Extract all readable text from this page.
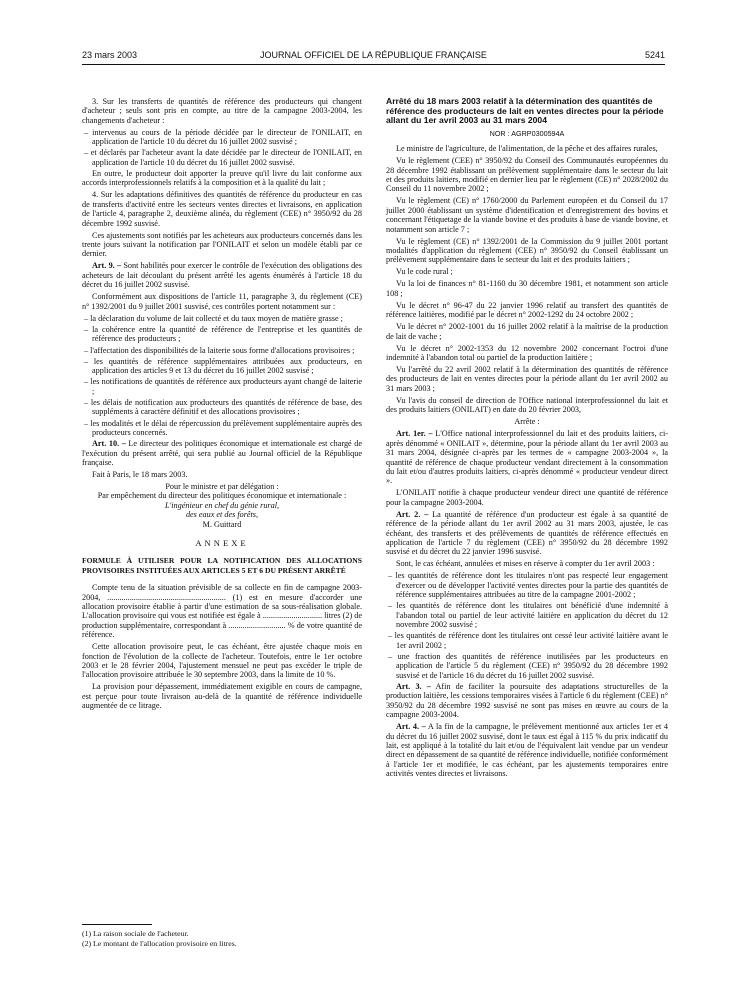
23 mars 2003	JOURNAL OFFICIEL DE LA RÉPUBLIQUE FRANÇAISE	5241

3. Sur les transferts de quantités de référence des producteurs qui changent d'acheteur ; seuls sont pris en compte, au titre de la campagne 2003-2004, les changements d'acheteur :

– intervenus au cours de la période décidée par le directeur de l'ONILAIT, en application de l'article 10 du décret du 16 juillet 2002 susvisé ;
– et déclarés par l'acheteur avant la date décidée par le directeur de l'ONILAIT, en application de l'article 10 du décret du 16 juillet 2002 susvisé.

En outre, le producteur doit apporter la preuve qu'il livre du lait conforme aux accords interprofessionnels relatifs à la composition et à la qualité du lait ;

4. Sur les adaptations définitives des quantités de référence du producteur en cas de transferts d'activité entre les secteurs ventes directes et livraisons, en application de l'article 4, paragraphe 2, deuxième alinéa, du règlement (CEE) n° 3950/92 du 28 décembre 1992 susvisé.

Ces ajustements sont notifiés par les acheteurs aux producteurs concernés dans les trente jours suivant la notification par l'ONILAIT et selon un modèle établi par ce dernier.

Art. 9. – Sont habilités pour exercer le contrôle de l'exécution des obligations des acheteurs de lait découlant du présent arrêté les agents énumérés à l'article 18 du décret du 16 juillet 2002 susvisé.

Conformément aux dispositions de l'article 11, paragraphe 3, du règlement (CE) n° 1392/2001 du 9 juillet 2001 susvisé, ces contrôles portent notamment sur :

– la déclaration du volume de lait collecté et du taux moyen de matière grasse ;
– la cohérence entre la quantité de référence de l'entreprise et les quantités de référence des producteurs ;
– l'affectation des disponibilités de la laiterie sous forme d'allocations provisoires ;
– les quantités de référence supplémentaires attribuées aux producteurs, en application des articles 9 et 13 du décret du 16 juillet 2002 susvisé ;
– les notifications de quantités de référence aux producteurs ayant changé de laiterie ;
– les délais de notification aux producteurs des quantités de référence de base, des suppléments à caractère définitif et des allocations provisoires ;
– les modalités et le délai de répercussion du prélèvement supplémentaire auprès des producteurs concernés.

Art. 10. – Le directeur des politiques économique et internationale est chargé de l'exécution du présent arrêté, qui sera publié au Journal officiel de la République française.

Fait à Paris, le 18 mars 2003.

Pour le ministre et par délégation :
Par empêchement du directeur des politiques économique et internationale :
L'ingénieur en chef du génie rural,
des eaux et des forêts,
M. Guittard
ANNEXE

FORMULE À UTILISER POUR LA NOTIFICATION DES ALLOCATIONS PROVISOIRES INSTITUÉES AUX ARTICLES 5 ET 6 DU PRÉSENT ARRÊTÉ

Compte tenu de la situation prévisible de sa collecte en fin de campagne 2003-2004, .......................................................... (1) est en mesure d'accorder une allocation provisoire établie à partir d'une estimation de sa sous-réalisation globale. L'allocation provisoire qui vous est notifiée est égale à ............................. litres (2) de production supplémentaire, correspondant à ............................ % de votre quantité de référence.

Cette allocation provisoire peut, le cas échéant, être ajustée chaque mois en fonction de l'évolution de la collecte de l'acheteur. Toutefois, entre le 1er octobre 2003 et le 28 février 2004, l'ajustement mensuel ne peut pas excéder le triple de l'allocation provisoire attribuée le 30 septembre 2003, dans la limite de 10 %.

La provision pour dépassement, immédiatement exigible en cours de campagne, est perçue pour toute livraison au-delà de la quantité de référence individuelle augmentée de ce litrage.

(1) La raison sociale de l'acheteur.
(2) Le montant de l'allocation provisoire en litres.
Arrêté du 18 mars 2003 relatif à la détermination des quantités de référence des producteurs de lait en ventes directes pour la période allant du 1er avril 2003 au 31 mars 2004
NOR : AGRP0300594A

Le ministre de l'agriculture, de l'alimentation, de la pêche et des affaires rurales,

Vu le règlement (CEE) n° 3950/92 du Conseil des Communautés européennes du 28 décembre 1992 établissant un prélèvement supplémentaire dans le secteur du lait et des produits laitiers, modifié en dernier lieu par le règlement (CE) n° 2028/2002 du Conseil du 11 novembre 2002 ;

Vu le règlement (CE) n° 1760/2000 du Parlement européen et du Conseil du 17 juillet 2000 établissant un système d'identification et d'enregistrement des bovins et concernant l'étiquetage de la viande bovine et des produits à base de viande bovine, et notamment son article 7 ;

Vu le règlement (CE) n° 1392/2001 de la Commission du 9 juillet 2001 portant modalités d'application du règlement (CEE) n° 3950/92 du Conseil établissant un prélèvement supplémentaire dans le secteur du lait et des produits laitiers ;

Vu le code rural ;

Vu la loi de finances n° 81-1160 du 30 décembre 1981, et notamment son article 108 ;

Vu le décret n° 96-47 du 22 janvier 1996 relatif au transfert des quantités de référence laitières, modifié par le décret n° 2002-1292 du 24 octobre 2002 ;

Vu le décret n° 2002-1001 du 16 juillet 2002 relatif à la maîtrise de la production de lait de vache ;

Vu le décret n° 2002-1353 du 12 novembre 2002 concernant l'octroi d'une indemnité à l'abandon total ou partiel de la production laitière ;

Vu l'arrêté du 22 avril 2002 relatif à la détermination des quantités de référence des producteurs de lait en ventes directes pour la période allant du 1er avril 2002 au 31 mars 2003 ;

Vu l'avis du conseil de direction de l'Office national interprofessionnel du lait et des produits laitiers (ONILAIT) en date du 20 février 2003,

Arrête :

Art. 1er. – L'Office national interprofessionnel du lait et des produits laitiers, ci-après dénommé « ONILAIT », détermine, pour la période allant du 1er avril 2003 au 31 mars 2004, désignée ci-après par les termes de « campagne 2003-2004 », la quantité de référence de chaque producteur vendant directement à la consommation du lait et/ou d'autres produits laitiers, ci-après dénommé « producteur vendeur direct ».

L'ONILAIT notifie à chaque producteur vendeur direct une quantité de référence pour la campagne 2003-2004.

Art. 2. – La quantité de référence d'un producteur est égale à sa quantité de référence de la période allant du 1er avril 2002 au 31 mars 2003, ajustée, le cas échéant, des transferts et des prélèvements de quantités de référence effectués en application de l'article 7 du règlement (CEE) n° 3950/92 du 28 décembre 1992 susvisé et du décret du 22 janvier 1996 susvisé.

Sont, le cas échéant, annulées et mises en réserve à compter du 1er avril 2003 :

– les quantités de référence dont les titulaires n'ont pas respecté leur engagement d'exercer ou de développer l'activité ventes directes pour la partie des quantités de référence supplémentaires attribuées au titre de la campagne 2001-2002 ;
– les quantités de référence dont les titulaires ont bénéficié d'une indemnité à l'abandon total ou partiel de leur activité laitière en application du décret du 12 novembre 2002 susvisé ;
– les quantités de référence dont les titulaires ont cessé leur activité laitière avant le 1er avril 2002 ;
– une fraction des quantités de référence inutilisées par les producteurs en application de l'article 5 du règlement (CEE) n° 3950/92 du 28 décembre 1992 susvisé et de l'article 16 du décret du 16 juillet 2002 susvisé.

Art. 3. – Afin de faciliter la poursuite des adaptations structurelles de la production laitière, les cessions temporaires visées à l'article 6 du règlement (CEE) n° 3950/92 du 28 décembre 1992 susvisé ne sont pas mises en œuvre au cours de la campagne 2003-2004.

Art. 4. – A la fin de la campagne, le prélèvement mentionné aux articles 1er et 4 du décret du 16 juillet 2002 susvisé, dont le taux est égal à 115 % du prix indicatif du lait, est appliqué à la totalité du lait et/ou de l'équivalent lait vendue par un vendeur direct en dépassement de sa quantité de référence individuelle, notifiée conformément à l'article 1er et modifiée, le cas échéant, par les ajustements temporaires entre activités ventes directes et livraisons.
